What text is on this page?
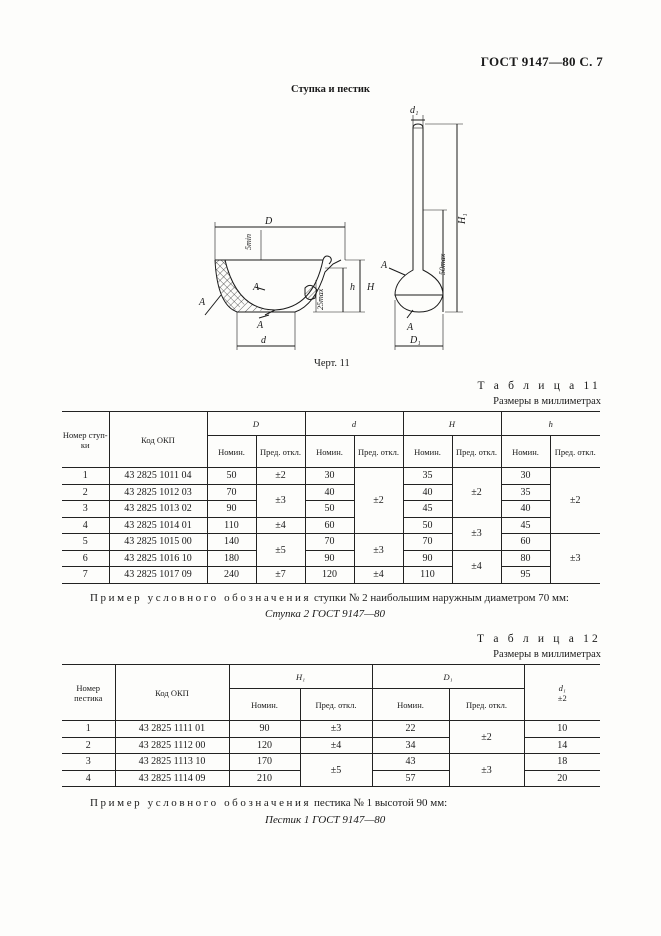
ГОСТ 9147—80 С. 7
Ступка и пестик
D
5min
h H
25max
d
A
A
A
d₁
H₁
50max
A
A
D₁
Черт. 11
Т а б л и ц а 11
Размеры в миллиметрах
Номер ступ-ки	Код ОКП	D		d		H		h	
		Номин.	Пред. откл.	Номин.	Пред. откл.	Номин.	Пред. откл.	Номин.	Пред. откл.
1	43 2825 1011 04	50	±2	30	±2	35	±2	30	±2
2	43 2825 1012 03	70	±3	40		40		35	
3	43 2825 1013 02	90		50		45		40	
4	43 2825 1014 01	110	±4	60		50	±3	45	
5	43 2825 1015 00	140	±5	70	±3	70		60	±3
6	43 2825 1016 10	180		90		90	±4	80	
7	43 2825 1017 09	240	±7	120	±4	110		95	
Пример условного обозначения ступки № 2 наибольшим наружным диаметром 70 мм:
Ступка 2 ГОСТ 9147—80
Т а б л и ц а 12
Размеры в миллиметрах
Номер пестика	Код ОКП	H₁		D₁		d₁
±2
		Номин.	Пред. откл.	Номин.	Пред. откл.	
1	43 2825 1111 01	90	±3	22	±2	10
2	43 2825 1112 00	120	±4	34		14
3	43 2825 1113 10	170	±5	43	±3	18
4	43 2825 1114 09	210		57		20
Пример условного обозначения пестика № 1 высотой 90 мм:
Пестик 1 ГОСТ 9147—80
